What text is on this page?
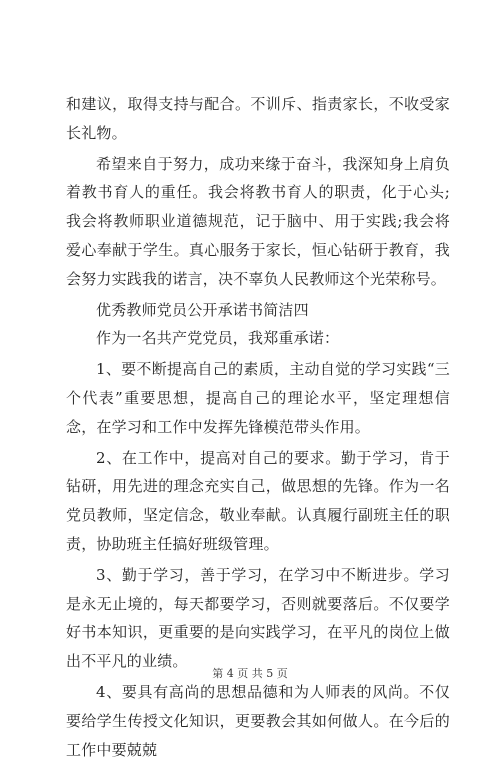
和建议，取得支持与配合。不训斥、指责家长，不收受家长礼物。

希望来自于努力，成功来缘于奋斗，我深知身上肩负着教书育人的重任。我会将教书育人的职责，化于心头;我会将教师职业道德规范，记于脑中、用于实践;我会将爱心奉献于学生。真心服务于家长，恒心钻研于教育，我会努力实践我的诺言，决不辜负人民教师这个光荣称号。

优秀教师党员公开承诺书简洁四

作为一名共产党党员，我郑重承诺：

1、要不断提高自己的素质，主动自觉的学习实践“三个代表”重要思想，提高自己的理论水平，坚定理想信念，在学习和工作中发挥先锋模范带头作用。

2、在工作中，提高对自己的要求。勤于学习，肯于钻研，用先进的理念充实自己，做思想的先锋。作为一名党员教师，坚定信念，敬业奉献。认真履行副班主任的职责，协助班主任搞好班级管理。

3、勤于学习，善于学习，在学习中不断进步。学习是永无止境的，每天都要学习，否则就要落后。不仅要学好书本知识，更重要的是向实践学习，在平凡的岗位上做出不平凡的业绩。

4、要具有高尚的思想品德和为人师表的风尚。不仅要给学生传授文化知识，更要教会其如何做人。在今后的工作中要兢兢

第 4 页 共 5 页
